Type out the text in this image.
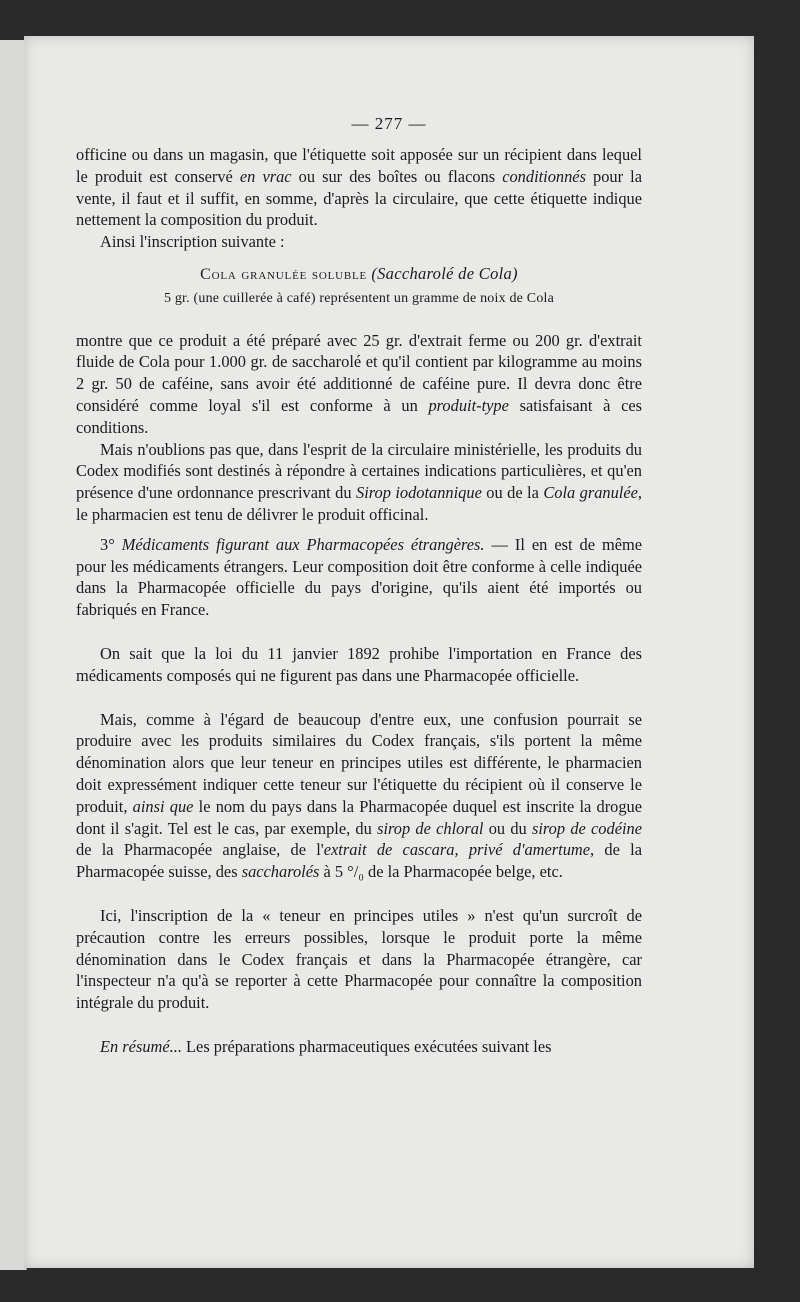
— 277 —

officine ou dans un magasin, que l'étiquette soit apposée sur un récipient dans lequel le produit est conservé en vrac ou sur des boîtes ou flacons conditionnés pour la vente, il faut et il suffit, en somme, d'après la circulaire, que cette étiquette indique nettement la composition du produit.

Ainsi l'inscription suivante :

Cola granulée soluble (Saccharolé de Cola)
5 gr. (une cuillerée à café) représentent un gramme de noix de Cola

montre que ce produit a été préparé avec 25 gr. d'extrait ferme ou 200 gr. d'extrait fluide de Cola pour 1.000 gr. de saccharolé et qu'il contient par kilogramme au moins 2 gr. 50 de caféine, sans avoir été additionné de caféine pure. Il devra donc être considéré comme loyal s'il est conforme à un produit-type satisfaisant à ces conditions.

Mais n'oublions pas que, dans l'esprit de la circulaire ministérielle, les produits du Codex modifiés sont destinés à répondre à certaines indications particulières, et qu'en présence d'une ordonnance prescrivant du Sirop iodotannique ou de la Cola granulée, le pharmacien est tenu de délivrer le produit officinal.

3° Médicaments figurant aux Pharmacopées étrangères. — Il en est de même pour les médicaments étrangers. Leur composition doit être conforme à celle indiquée dans la Pharmacopée officielle du pays d'origine, qu'ils aient été importés ou fabriqués en France.

On sait que la loi du 11 janvier 1892 prohibe l'importation en France des médicaments composés qui ne figurent pas dans une Pharmacopée officielle.

Mais, comme à l'égard de beaucoup d'entre eux, une confusion pourrait se produire avec les produits similaires du Codex français, s'ils portent la même dénomination alors que leur teneur en principes utiles est différente, le pharmacien doit expressément indiquer cette teneur sur l'étiquette du récipient où il conserve le produit, ainsi que le nom du pays dans la Pharmacopée duquel est inscrite la drogue dont il s'agit. Tel est le cas, par exemple, du sirop de chloral ou du sirop de codéine de la Pharmacopée anglaise, de l'extrait de cascara, privé d'amertume, de la Pharmacopée suisse, des saccharolés à 5 °/₀ de la Pharmacopée belge, etc.

Ici, l'inscription de la « teneur en principes utiles » n'est qu'un surcroît de précaution contre les erreurs possibles, lorsque le produit porte la même dénomination dans le Codex français et dans la Pharmacopée étrangère, car l'inspecteur n'a qu'à se reporter à cette Pharmacopée pour connaître la composition intégrale du produit.

En résumé... Les préparations pharmaceutiques exécutées suivant les
